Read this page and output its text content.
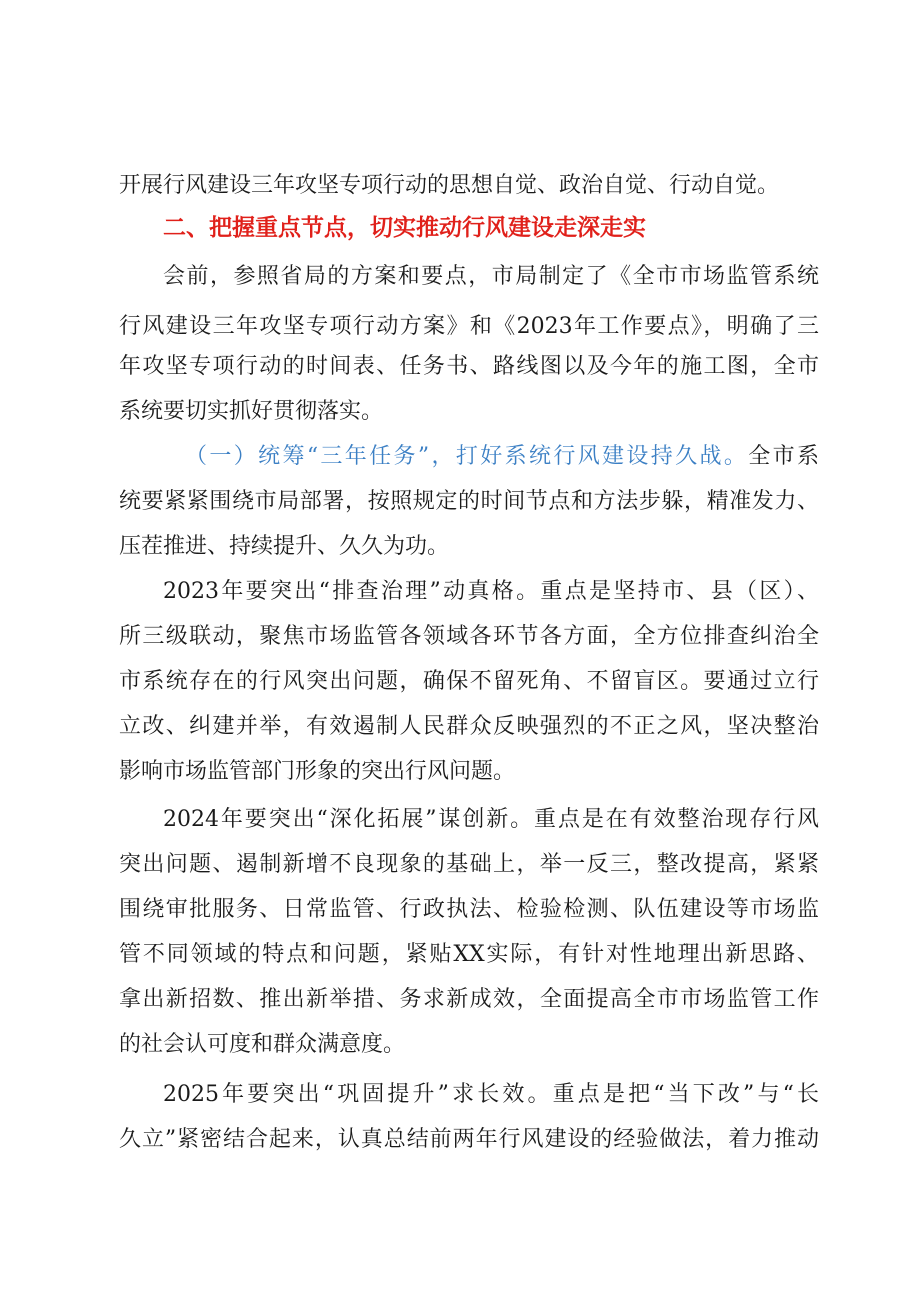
开展行风建设三年攻坚专项行动的思想自觉、政治自觉、行动自觉。
二、把握重点节点，切实推动行风建设走深走实
会前，参照省局的方案和要点，市局制定了《全市市场监管系统
行风建设三年攻坚专项行动方案》和《2023年工作要点》，明确了三
年攻坚专项行动的时间表、任务书、路线图以及今年的施工图，全市
系统要切实抓好贯彻落实。
（一）统筹“三年任务”，打好系统行风建设持久战。全市系
统要紧紧围绕市局部署，按照规定的时间节点和方法步躲，精准发力、
压茬推进、持续提升、久久为功。
2023年要突出“排查治理”动真格。重点是坚持市、县（区）、
所三级联动，聚焦市场监管各领域各环节各方面，全方位排查纠治全
市系统存在的行风突出问题，确保不留死角、不留盲区。要通过立行
立改、纠建并举，有效遏制人民群众反映强烈的不正之风，坚决整治
影响市场监管部门形象的突出行风问题。
2024年要突出“深化拓展”谋创新。重点是在有效整治现存行风
突出问题、遏制新增不良现象的基础上，举一反三，整改提高，紧紧
围绕审批服务、日常监管、行政执法、检验检测、队伍建设等市场监
管不同领域的特点和问题，紧贴XX实际，有针对性地理出新思路、
拿出新招数、推出新举措、务求新成效，全面提高全市市场监管工作
的社会认可度和群众满意度。
2025年要突出“巩固提升”求长效。重点是把“当下改”与“长
久立”紧密结合起来，认真总结前两年行风建设的经验做法，着力推动
